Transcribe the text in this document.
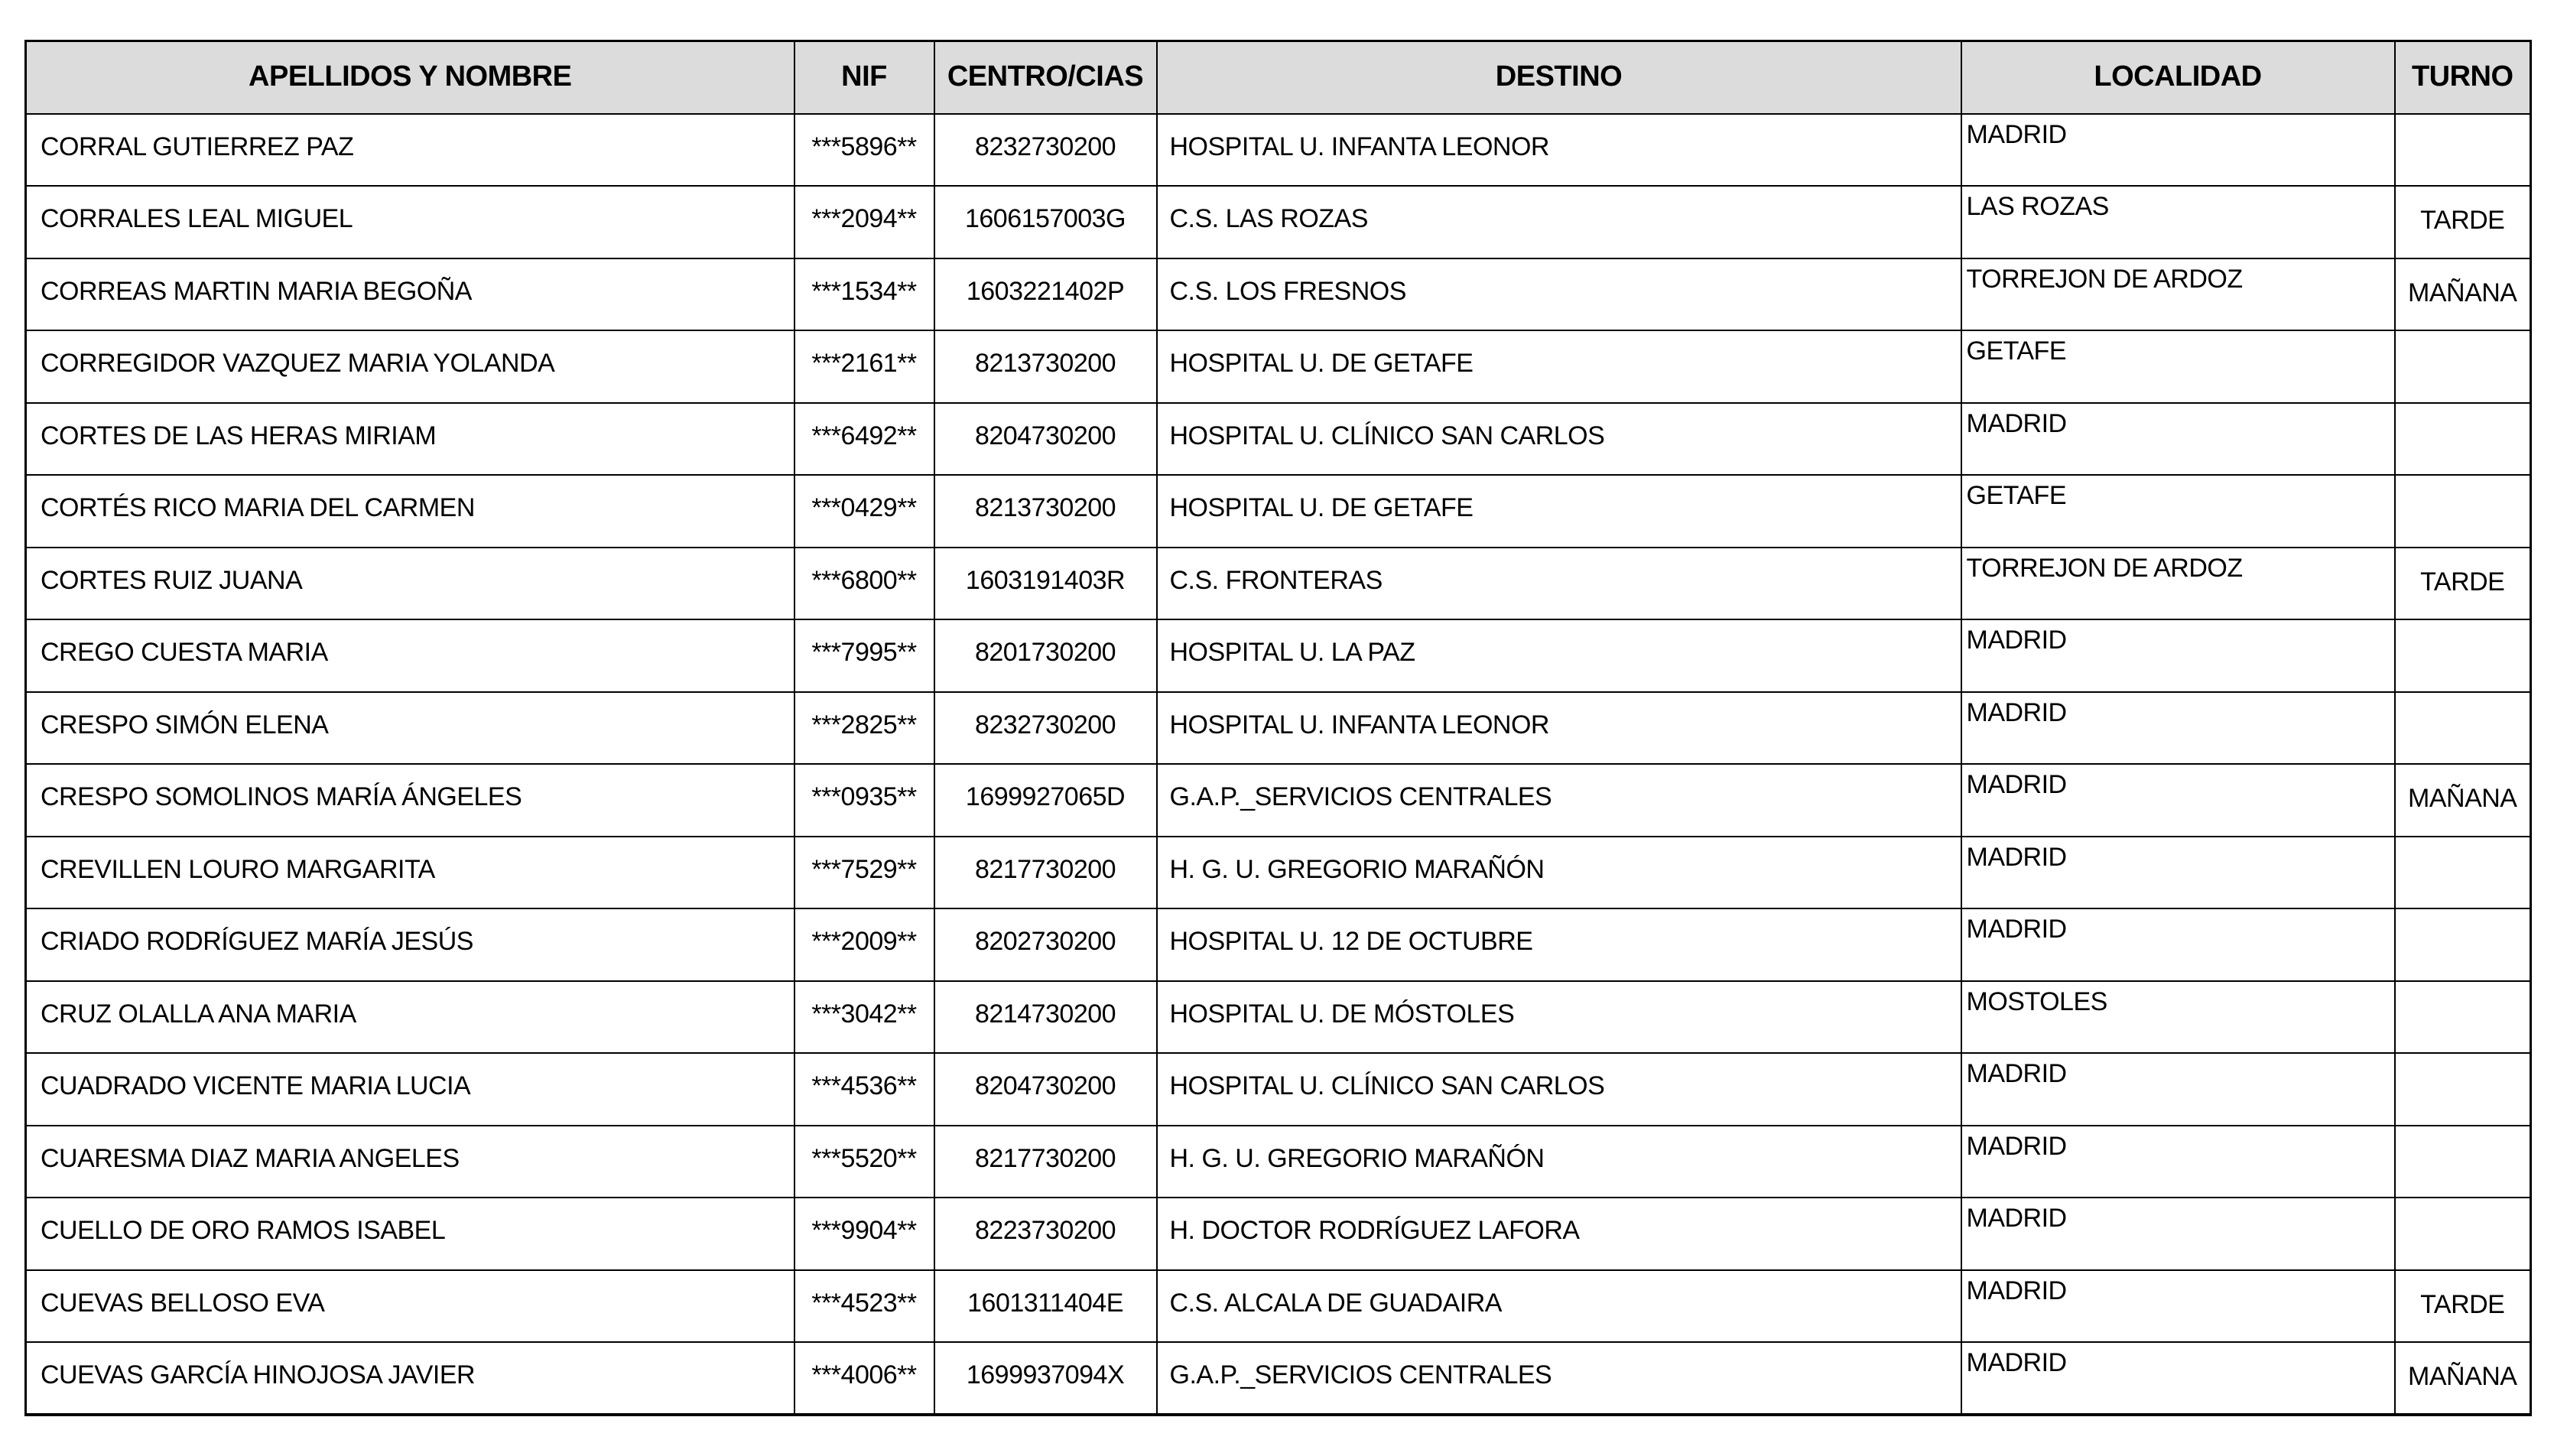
APELLIDOS Y NOMBRE	NIF	CENTRO/CIAS	DESTINO	LOCALIDAD	TURNO
CORRAL GUTIERREZ PAZ	***5896**	8232730200	HOSPITAL U. INFANTA LEONOR	MADRID	
CORRALES LEAL MIGUEL	***2094**	1606157003G	C.S. LAS ROZAS	LAS ROZAS	TARDE
CORREAS MARTIN MARIA BEGOÑA	***1534**	1603221402P	C.S. LOS FRESNOS	TORREJON DE ARDOZ	MAÑANA
CORREGIDOR VAZQUEZ MARIA YOLANDA	***2161**	8213730200	HOSPITAL U. DE GETAFE	GETAFE	
CORTES DE LAS HERAS MIRIAM	***6492**	8204730200	HOSPITAL U. CLÍNICO SAN CARLOS	MADRID	
CORTÉS RICO MARIA DEL CARMEN	***0429**	8213730200	HOSPITAL U. DE GETAFE	GETAFE	
CORTES RUIZ JUANA	***6800**	1603191403R	C.S. FRONTERAS	TORREJON DE ARDOZ	TARDE
CREGO CUESTA MARIA	***7995**	8201730200	HOSPITAL U. LA PAZ	MADRID	
CRESPO SIMÓN ELENA	***2825**	8232730200	HOSPITAL U. INFANTA LEONOR	MADRID	
CRESPO SOMOLINOS MARÍA ÁNGELES	***0935**	1699927065D	G.A.P._SERVICIOS CENTRALES	MADRID	MAÑANA
CREVILLEN LOURO MARGARITA	***7529**	8217730200	H. G. U. GREGORIO MARAÑÓN	MADRID	
CRIADO RODRÍGUEZ MARÍA JESÚS	***2009**	8202730200	HOSPITAL U. 12 DE OCTUBRE	MADRID	
CRUZ OLALLA ANA MARIA	***3042**	8214730200	HOSPITAL U. DE MÓSTOLES	MOSTOLES	
CUADRADO VICENTE MARIA LUCIA	***4536**	8204730200	HOSPITAL U. CLÍNICO SAN CARLOS	MADRID	
CUARESMA DIAZ MARIA ANGELES	***5520**	8217730200	H. G. U. GREGORIO MARAÑÓN	MADRID	
CUELLO DE ORO RAMOS ISABEL	***9904**	8223730200	H. DOCTOR RODRÍGUEZ LAFORA	MADRID	
CUEVAS BELLOSO EVA	***4523**	1601311404E	C.S. ALCALA DE GUADAIRA	MADRID	TARDE
CUEVAS GARCÍA HINOJOSA JAVIER	***4006**	1699937094X	G.A.P._SERVICIOS CENTRALES	MADRID	MAÑANA
